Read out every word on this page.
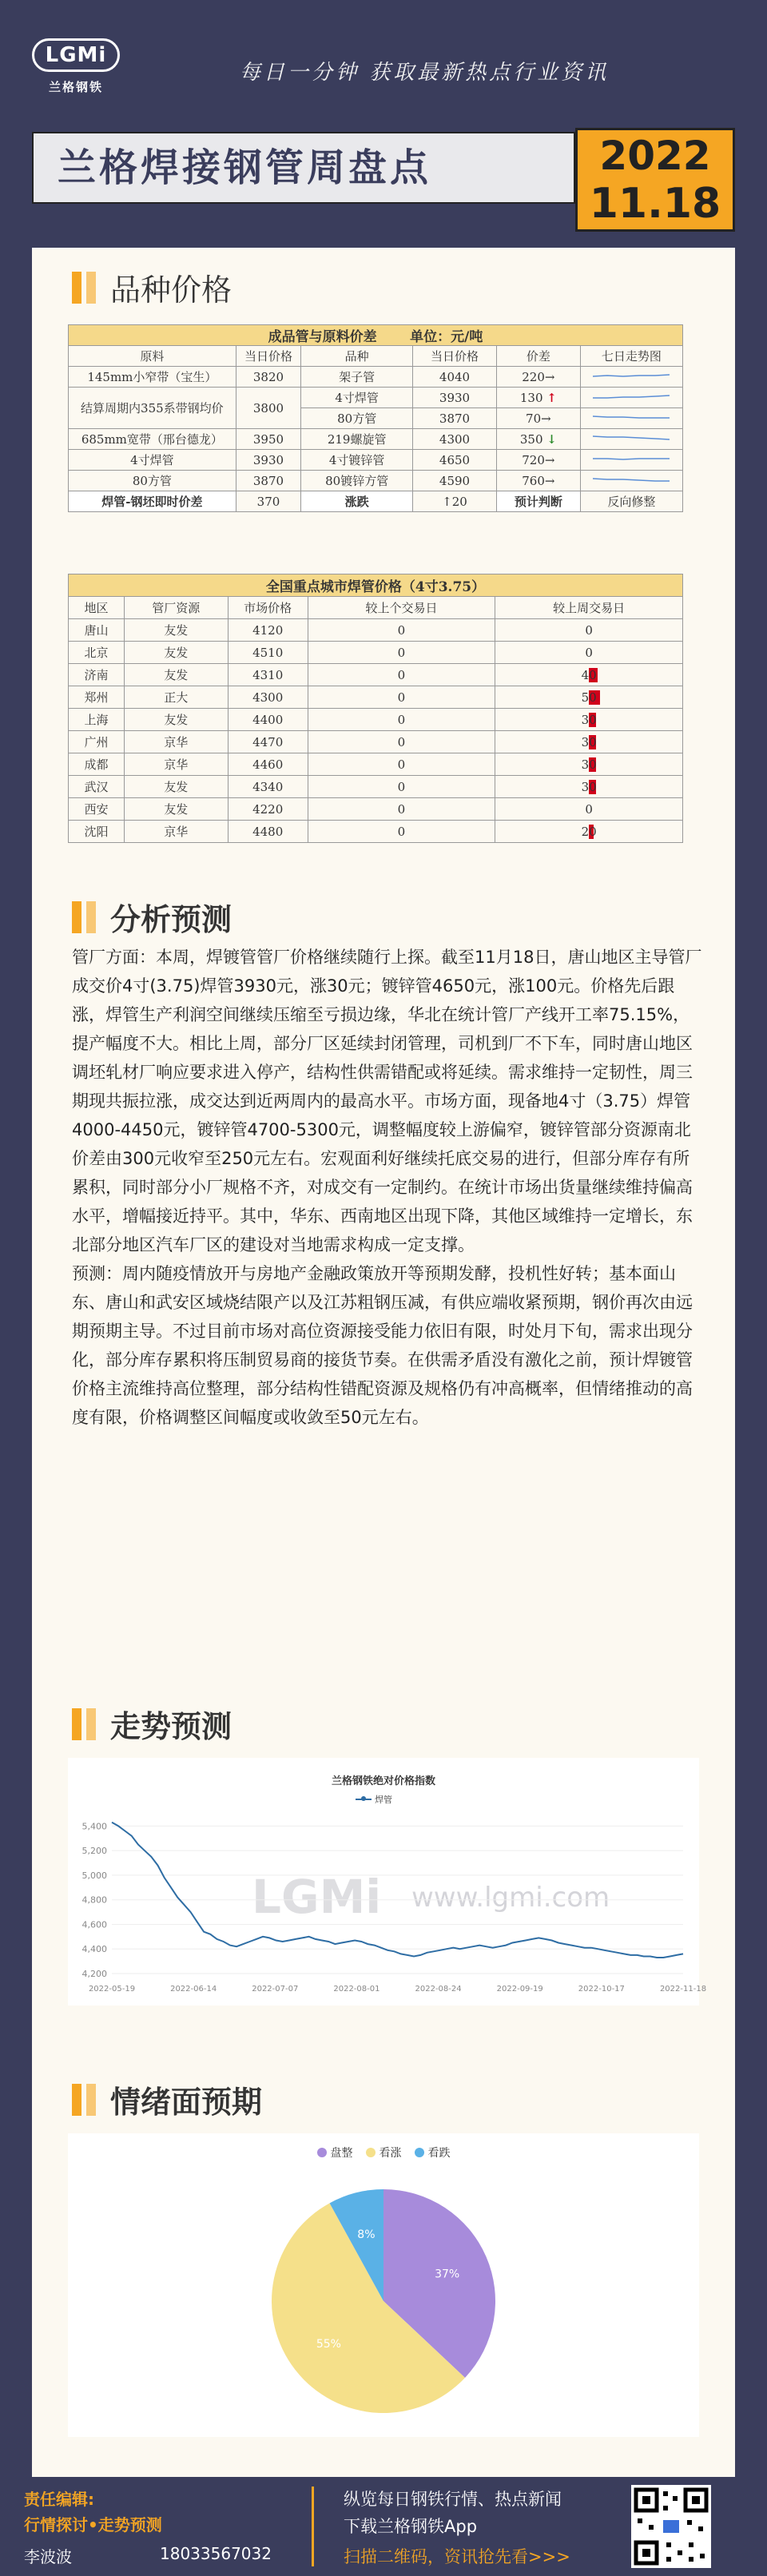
LGMi
兰格钢铁
每日一分钟 获取最新热点行业资讯
兰格焊接钢管周盘点	2022
11.18
品种价格
成品管与原料价差 单位：元/吨					
原料	当日价格	品种	当日价格	价差	七日走势图
145mm小窄带（宝生）	3820	架子管	4040	220→	
结算周期内355系带钢均价	3800	4寸焊管	3930	130 ↑	
		80方管	3870	70→	
685mm宽带（邢台德龙）	3950	219螺旋管	4300	350 ↓	
4寸焊管	3930	4寸镀锌管	4650	720→	
80方管	3870	80镀锌方管	4590	760→	
焊管-钢坯即时价差	370	涨跌	↑20	预计判断	反向修整
全国重点城市焊管价格（4寸3.75）				
地区	管厂资源	市场价格	较上个交易日	较上周交易日
唐山	友发	4120	0	0
北京	友发	4510	0	0
济南	友发	4310	0	40
郑州	正大	4300	0	50
上海	友发	4400	0	30
广州	京华	4470	0	30
成都	京华	4460	0	30
武汉	友发	4340	0	30
西安	友发	4220	0	0
沈阳	京华	4480	0	20
分析预测

管厂方面：本周，焊镀管管厂价格继续随行上探。截至11月18日，唐山地区主导管厂成交价4寸(3.75)焊管3930元，涨30元；镀锌管4650元，涨100元。价格先后跟涨，焊管生产利润空间继续压缩至亏损边缘，华北在统计管厂产线开工率75.15%，提产幅度不大。相比上周，部分厂区延续封闭管理，司机到厂不下车，同时唐山地区调坯轧材厂响应要求进入停产，结构性供需错配或将延续。需求维持一定韧性，周三期现共振拉涨，成交达到近两周内的最高水平。市场方面，现备地4寸（3.75）焊管4000-4450元，镀锌管4700-5300元，调整幅度较上游偏窄，镀锌管部分资源南北价差由300元收窄至250元左右。宏观面利好继续托底交易的进行，但部分库存有所累积，同时部分小厂规格不齐，对成交有一定制约。在统计市场出货量继续维持偏高水平，增幅接近持平。其中，华东、西南地区出现下降，其他区域维持一定增长，东北部分地区汽车厂区的建设对当地需求构成一定支撑。

预测：周内随疫情放开与房地产金融政策放开等预期发酵，投机性好转；基本面山东、唐山和武安区域烧结限产以及江苏粗钢压减，有供应端收紧预期，钢价再次由远期预期主导。不过目前市场对高位资源接受能力依旧有限，时处月下旬，需求出现分化，部分库存累积将压制贸易商的接货节奏。在供需矛盾没有激化之前，预计焊镀管价格主流维持高位整理，部分结构性错配资源及规格仍有冲高概率，但情绪推动的高度有限，价格调整区间幅度或收敛至50元左右。

走势预测
兰格钢铁绝对价格指数
焊管
LGMi www.lgmi.com
4,200
4,400
4,600
4,800
5,000
5,200
5,400
2022-05-19	2022-06-14	2022-07-07	2022-08-01	2022-08-24	2022-09-19	2022-10-17	2022-11-18
情绪面预期
盘整 看涨 看跌
37%
55%
8%
责任编辑:
行情探讨•走势预测
李波波	18033567032
纵览每日钢铁行情、热点新闻
下载兰格钢铁App
扫描二维码，资讯抢先看>>>
